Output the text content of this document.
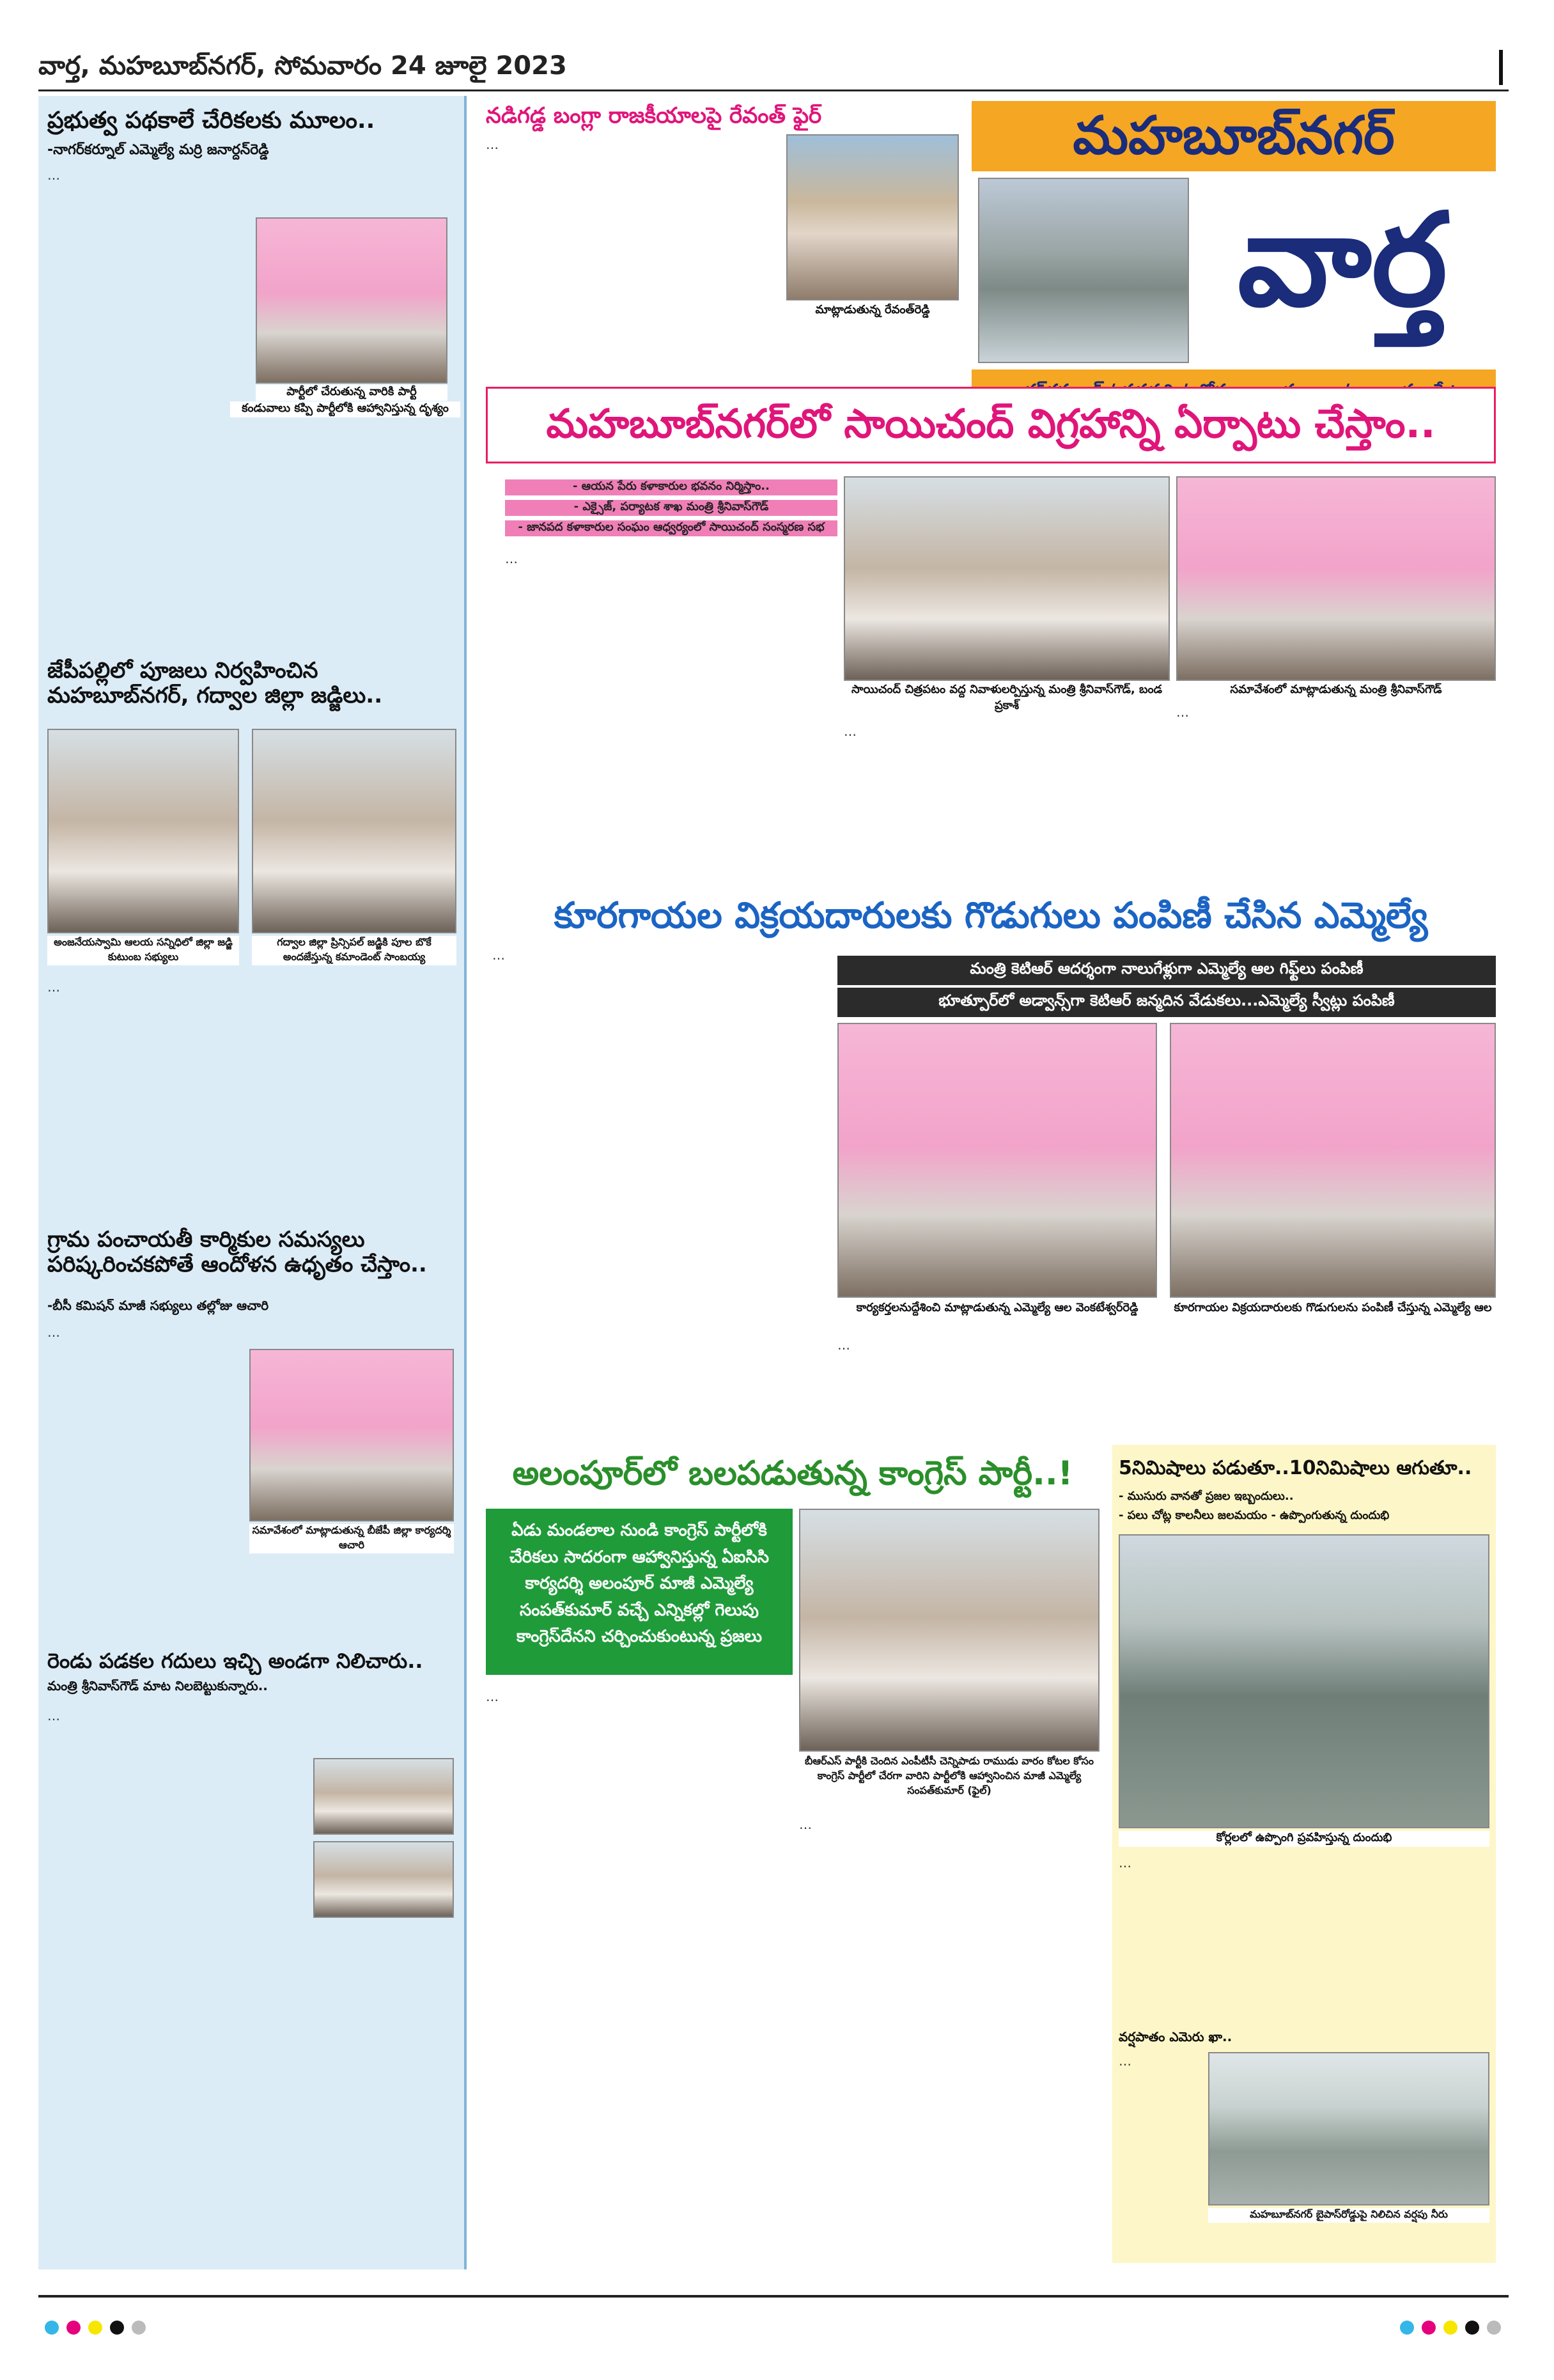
వార్త, మహబూబ్‌నగర్, సోమవారం 24 జూలై 2023
ప్రభుత్వ పథకాలే చేరికలకు మూలం..
-నాగర్‌కర్నూల్ ఎమ్మెల్యే మర్రి జనార్దన్‌రెడ్డి
…
పార్టీలో చేరుతున్న వారికి పార్టీ
కండువాలు కప్పి పార్టీలోకి ఆహ్వానిస్తున్న దృశ్యం
జేపీపల్లిలో పూజలు నిర్వహించిన మహబూబ్‌నగర్, గద్వాల జిల్లా జడ్జిలు..
అంజనేయస్వామి ఆలయ సన్నిధిలో జిల్లా జడ్జి కుటుంబ సభ్యులు
గద్వాల జిల్లా ప్రిన్సిపల్ జడ్జికి పూల బొకే అందజేస్తున్న కమాండెంట్ సాంబయ్య
…
గ్రామ పంచాయతీ కార్మికుల సమస్యలు పరిష్కరించకపోతే ఆందోళన ఉధృతం చేస్తాం..
-బీసీ కమిషన్ మాజీ సభ్యులు తల్లోజు ఆచారి
సమావేశంలో మాట్లాడుతున్న బీజేపీ జిల్లా కార్యదర్శి ఆచారి
…
రెండు పడకల గదులు ఇచ్చి అండగా నిలిచారు..
మంత్రి శ్రీనివాస్‌గౌడ్ మాట నిలబెట్టుకున్నారు..
…
నడిగడ్డ బంగ్లా రాజకీయాలపై రేవంత్ ఫైర్
…
మాట్లాడుతున్న రేవంత్‌రెడ్డి
మహబూబ్‌నగర్
వార్త
మహబూబ్‌నగర్‌లో సాయిచంద్ విగ్రహాన్ని ఏర్పాటు చేస్తాం..
- ఆయన పేరు కళాకారుల భవనం నిర్మిస్తాం..
- ఎక్సైజ్, పర్యాటక శాఖ మంత్రి శ్రీనివాస్‌గౌడ్
- జానపద కళాకారుల సంఘం ఆధ్వర్యంలో సాయిచంద్ సంస్మరణ సభ
…
సాయిచంద్ చిత్రపటం వద్ద నివాళులర్పిస్తున్న మంత్రి శ్రీనివాస్‌గౌడ్, బండ ప్రకాశ్
సమావేశంలో మాట్లాడుతున్న మంత్రి శ్రీనివాస్‌గౌడ్
…
…
కూరగాయల విక్రయదారులకు గొడుగులు పంపిణీ చేసిన ఎమ్మెల్యే
…
మంత్రి కెటిఆర్ ఆదర్శంగా నాలుగేళ్లుగా ఎమ్మెల్యే ఆల గిఫ్ట్‌లు పంపిణీ
భూత్పూర్‌లో అడ్వాన్స్‌గా కెటిఆర్ జన్మదిన వేడుకలు...ఎమ్మెల్యే స్వీట్లు పంపిణీ
కార్యకర్తలనుద్దేశించి మాట్లాడుతున్న ఎమ్మెల్యే ఆల వెంకటేశ్వర్‌రెడ్డి	కూరగాయల విక్రయదారులకు గొడుగులను పంపిణీ చేస్తున్న ఎమ్మెల్యే ఆల
…
అలంపూర్‌లో బలపడుతున్న కాంగ్రెస్ పార్టీ..!
ఏడు మండలాల నుండి కాంగ్రెస్ పార్టీలోకి చేరికలు సాదరంగా ఆహ్వానిస్తున్న ఏఐసిసి కార్యదర్శి అలంపూర్ మాజీ ఎమ్మెల్యే సంపత్‌కుమార్ వచ్చే ఎన్నికల్లో గెలుపు కాంగ్రెస్‌దేనని చర్చించుకుంటున్న ప్రజలు
బీఆర్‌ఎస్ పార్టీకి చెందిన ఎంపీటీసీ చెన్నిపాడు రాముడు వారం కోటల కోసం కాంగ్రెస్ పార్టీలో చేరగా వారిని పార్టీలోకి ఆహ్వానించిన మాజీ ఎమ్మెల్యే సంపత్‌కుమార్ (ఫైల్)
…
…
5నిమిషాలు పడుతూ..10నిమిషాలు ఆగుతూ..
- ముసురు వానతో ప్రజల ఇబ్బందులు..
- పలు చోట్ల కాలనీలు జలమయం - ఉప్పొంగుతున్న దుందుభి
కోర్లలలో ఉప్పొంగి ప్రవహిస్తున్న దుందుభి
…
వర్షపాతం ఎమెరు ఖా..
మహబూబ్‌నగర్ బైపాస్‌రోడ్డుపై నిలిచిన వర్షపు నీరు
…
